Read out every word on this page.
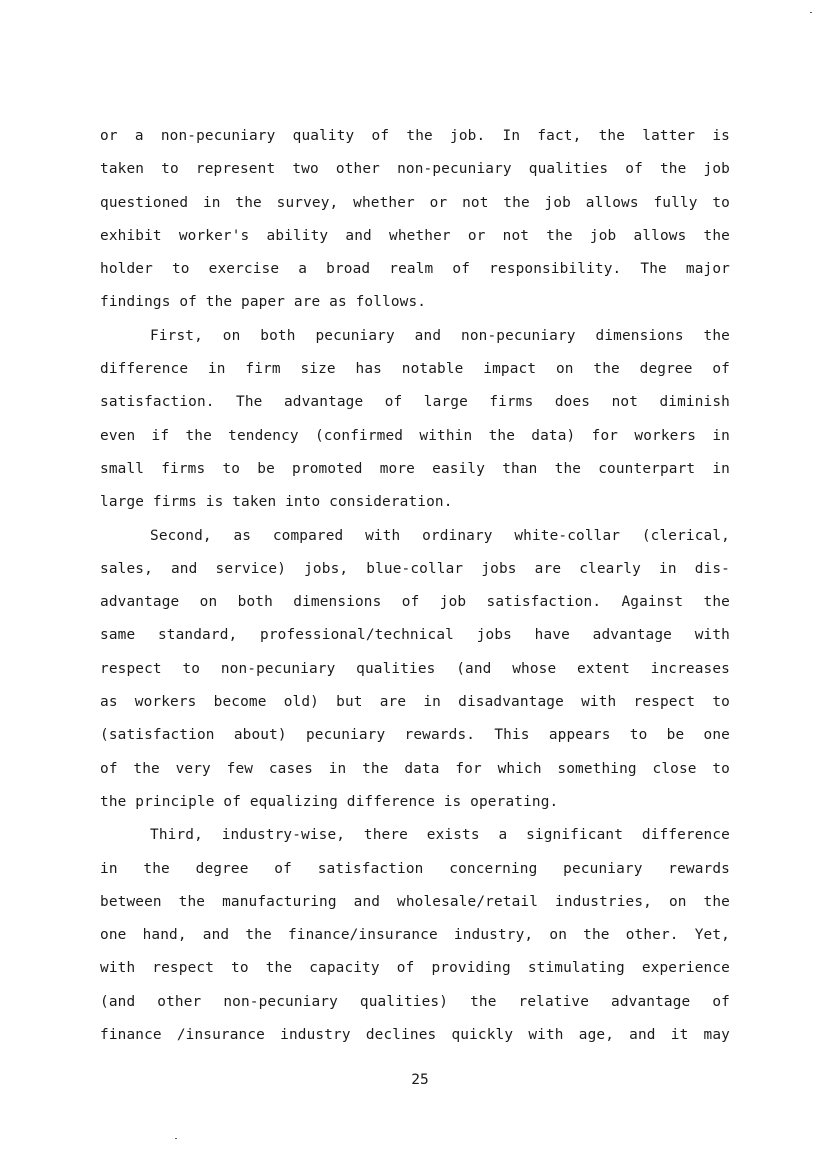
or a non-pecuniary quality of the job. In fact, the latter is
taken to represent two other non-pecuniary qualities of the job
questioned in the survey, whether or not the job allows fully to
exhibit worker's ability and whether or not the job allows the
holder to exercise a broad realm of responsibility. The major
findings of the paper are as follows.
First, on both pecuniary and non-pecuniary dimensions the
difference in firm size has notable impact on the degree of
satisfaction. The advantage of large firms does not diminish
even if the tendency (confirmed within the data) for workers in
small firms to be promoted more easily than the counterpart in
large firms is taken into consideration.
Second, as compared with ordinary white-collar (clerical,
sales, and service) jobs, blue-collar jobs are clearly in dis-
advantage on both dimensions of job satisfaction. Against the
same standard, professional/technical jobs have advantage with
respect to non-pecuniary qualities (and whose extent increases
as workers become old) but are in disadvantage with respect to
(satisfaction about) pecuniary rewards. This appears to be one
of the very few cases in the data for which something close to
the principle of equalizing difference is operating.
Third, industry-wise, there exists a significant difference
in the degree of satisfaction concerning pecuniary rewards
between the manufacturing and wholesale/retail industries, on the
one hand, and the finance/insurance industry, on the other. Yet,
with respect to the capacity of providing stimulating experience
(and other non-pecuniary qualities) the relative advantage of
finance /insurance industry declines quickly with age, and it may
25
